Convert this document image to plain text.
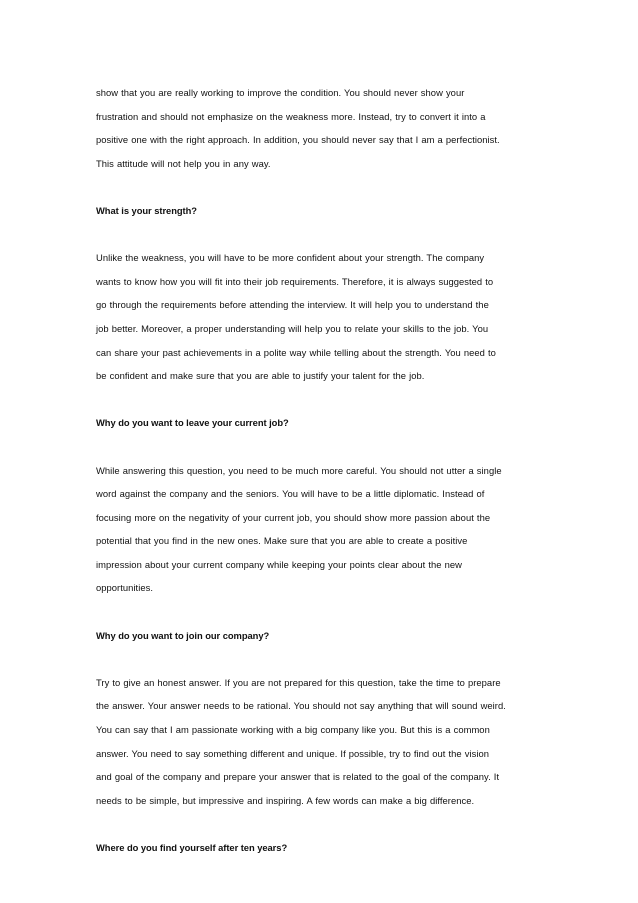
show that you are really working to improve the condition. You should never show your
frustration and should not emphasize on the weakness more. Instead, try to convert it into a
positive one with the right approach. In addition, you should never say that I am a perfectionist.
This attitude will not help you in any way.
What is your strength?
Unlike the weakness, you will have to be more confident about your strength. The company
wants to know how you will fit into their job requirements. Therefore, it is always suggested to
go through the requirements before attending the interview. It will help you to understand the
job better. Moreover, a proper understanding will help you to relate your skills to the job. You
can share your past achievements in a polite way while telling about the strength. You need to
be confident and make sure that you are able to justify your talent for the job.
Why do you want to leave your current job?
While answering this question, you need to be much more careful. You should not utter a single
word against the company and the seniors. You will have to be a little diplomatic. Instead of
focusing more on the negativity of your current job, you should show more passion about the
potential that you find in the new ones. Make sure that you are able to create a positive
impression about your current company while keeping your points clear about the new
opportunities.
Why do you want to join our company?
Try to give an honest answer. If you are not prepared for this question, take the time to prepare
the answer. Your answer needs to be rational. You should not say anything that will sound weird.
You can say that I am passionate working with a big company like you. But this is a common
answer. You need to say something different and unique. If possible, try to find out the vision
and goal of the company and prepare your answer that is related to the goal of the company. It
needs to be simple, but impressive and inspiring. A few words can make a big difference.
Where do you find yourself after ten years?
